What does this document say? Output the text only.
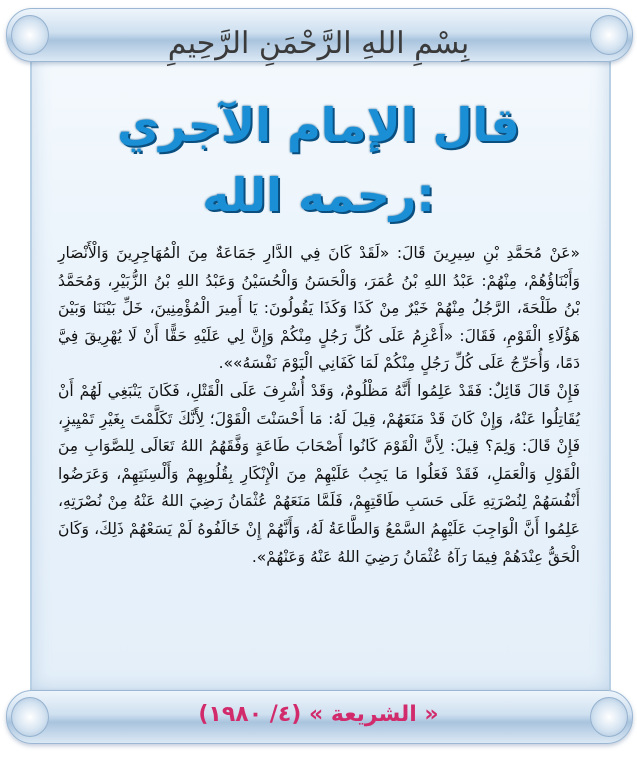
بِسْمِ اللهِ الرَّحْمَنِ الرَّحِيمِ
قال الإمام الآجري
رحمه الله:

«عَنْ مُحَمَّدِ بْنِ سِيرِينَ قَالَ: «لَقَدْ كَانَ فِي الدَّارِ جَمَاعَةٌ مِنَ الْمُهَاجِرِينَ وَالْأَنْصَارِ وَأَبْنَاؤُهُمْ، مِنْهُمْ: عَبْدُ اللهِ بْنُ عُمَرَ، وَالْحَسَنُ وَالْحُسَيْنُ وَعَبْدُ اللهِ بْنُ الزُّبَيْرِ، وَمُحَمَّدُ بْنُ طَلْحَةَ، الرَّجُلُ مِنْهُمْ خَيْرٌ مِنْ كَذَا وَكَذَا يَقُولُونَ: يَا أَمِيرَ الْمُؤْمِنِينَ، خَلِّ بَيْنَنَا وَبَيْنَ هَؤُلَاءِ الْقَوْمِ، فَقَالَ: «أَعْزِمُ عَلَى كُلِّ رَجُلٍ مِنْكُمْ وَإِنَّ لِي عَلَيْهِ حَقًّا أَنْ لَا يُهْرِيقَ فِيَّ دَمًا، وَأُحَرِّجُ عَلَى كُلِّ رَجُلٍ مِنْكُمْ لَمَا كَفَانِي الْيَوْمَ نَفْسَهُ»».

فَإِنْ قَالَ قَائِلٌ: فَقَدْ عَلِمُوا أَنَّهُ مَظْلُومٌ، وَقَدْ أُشْرِفَ عَلَى الْقَتْلِ، فَكَانَ يَنْبَغِي لَهُمْ أَنْ يُقَاتِلُوا عَنْهُ، وَإِنْ كَانَ قَدْ مَنَعَهُمْ، قِيلَ لَهُ: مَا أَحْسَنْتَ الْقَوْلَ؛ لِأَنَّكَ تَكَلَّمْتَ بِغَيْرِ تَمْيِيزٍ، فَإِنْ قَالَ: وَلِمَ؟ قِيلَ: لِأَنَّ الْقَوْمَ كَانُوا أَصْحَابَ طَاعَةٍ وَفَّقَهُمُ اللهُ تَعَالَى لِلصَّوَابِ مِنَ الْقَوْلِ وَالْعَمَلِ، فَقَدْ فَعَلُوا مَا يَجِبُ عَلَيْهِمْ مِنَ الْإِنْكَارِ بِقُلُوبِهِمْ وَأَلْسِنَتِهِمْ، وَعَرَضُوا أَنْفُسَهُمْ لِنُصْرَتِهِ عَلَى حَسَبِ طَاقَتِهِمْ، فَلَمَّا مَنَعَهُمْ عُثْمَانُ رَضِيَ اللهُ عَنْهُ مِنْ نُصْرَتِهِ، عَلِمُوا أَنَّ الْوَاجِبَ عَلَيْهِمُ السَّمْعُ وَالطَّاعَةُ لَهُ، وَأَنَّهُمْ إِنْ خَالَفُوهُ لَمْ يَسَعْهُمْ ذَلِكَ، وَكَانَ الْحَقُّ عِنْدَهُمْ فِيمَا رَآهُ عُثْمَانُ رَضِيَ اللهُ عَنْهُ وَعَنْهُمْ».

« الشريعة » (٤/ ١٩٨٠)
